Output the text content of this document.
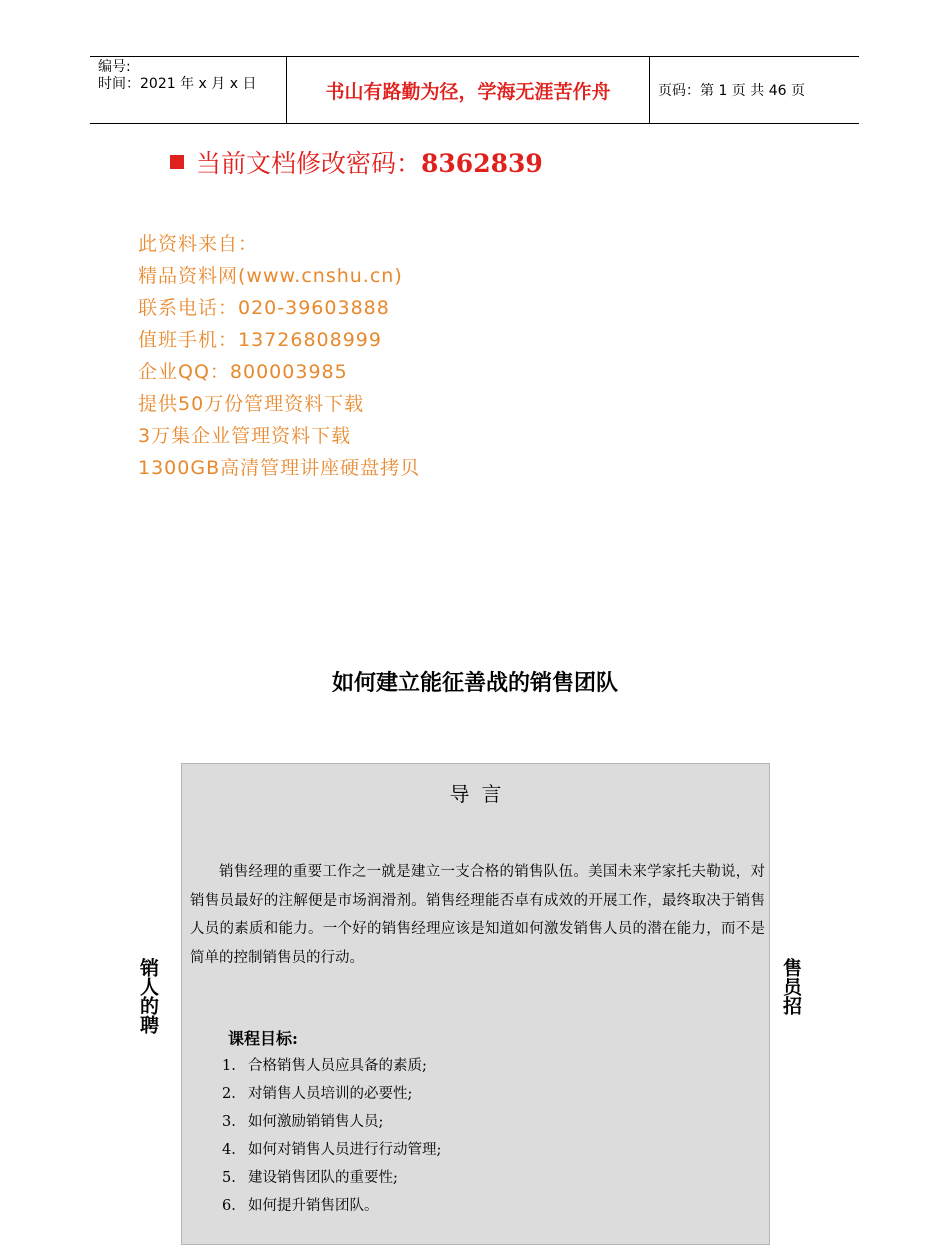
编号:
时间：2021 年 x 月 x 日	书山有路勤为径，学海无涯苦作舟	页码：第 1 页 共 46 页
当前文档修改密码：8362839
此资料来自：
精品资料网(www.cnshu.cn)
联系电话：020-39603888
值班手机：13726808999
企业QQ：800003985
提供50万份管理资料下载
3万集企业管理资料下载
1300GB高清管理讲座硬盘拷贝
如何建立能征善战的销售团队
销人的聘	售员招
导言
销售经理的重要工作之一就是建立一支合格的销售队伍。美国未来学家托夫勒说，对销售员最好的注解便是市场润滑剂。销售经理能否卓有成效的开展工作，最终取决于销售人员的素质和能力。一个好的销售经理应该是知道如何激发销售人员的潜在能力，而不是简单的控制销售员的行动。
课程目标:
1. 合格销售人员应具备的素质;
2. 对销售人员培训的必要性;
3. 如何激励销销售人员;
4. 如何对销售人员进行行动管理;
5. 建设销售团队的重要性;
6. 如何提升销售团队。
